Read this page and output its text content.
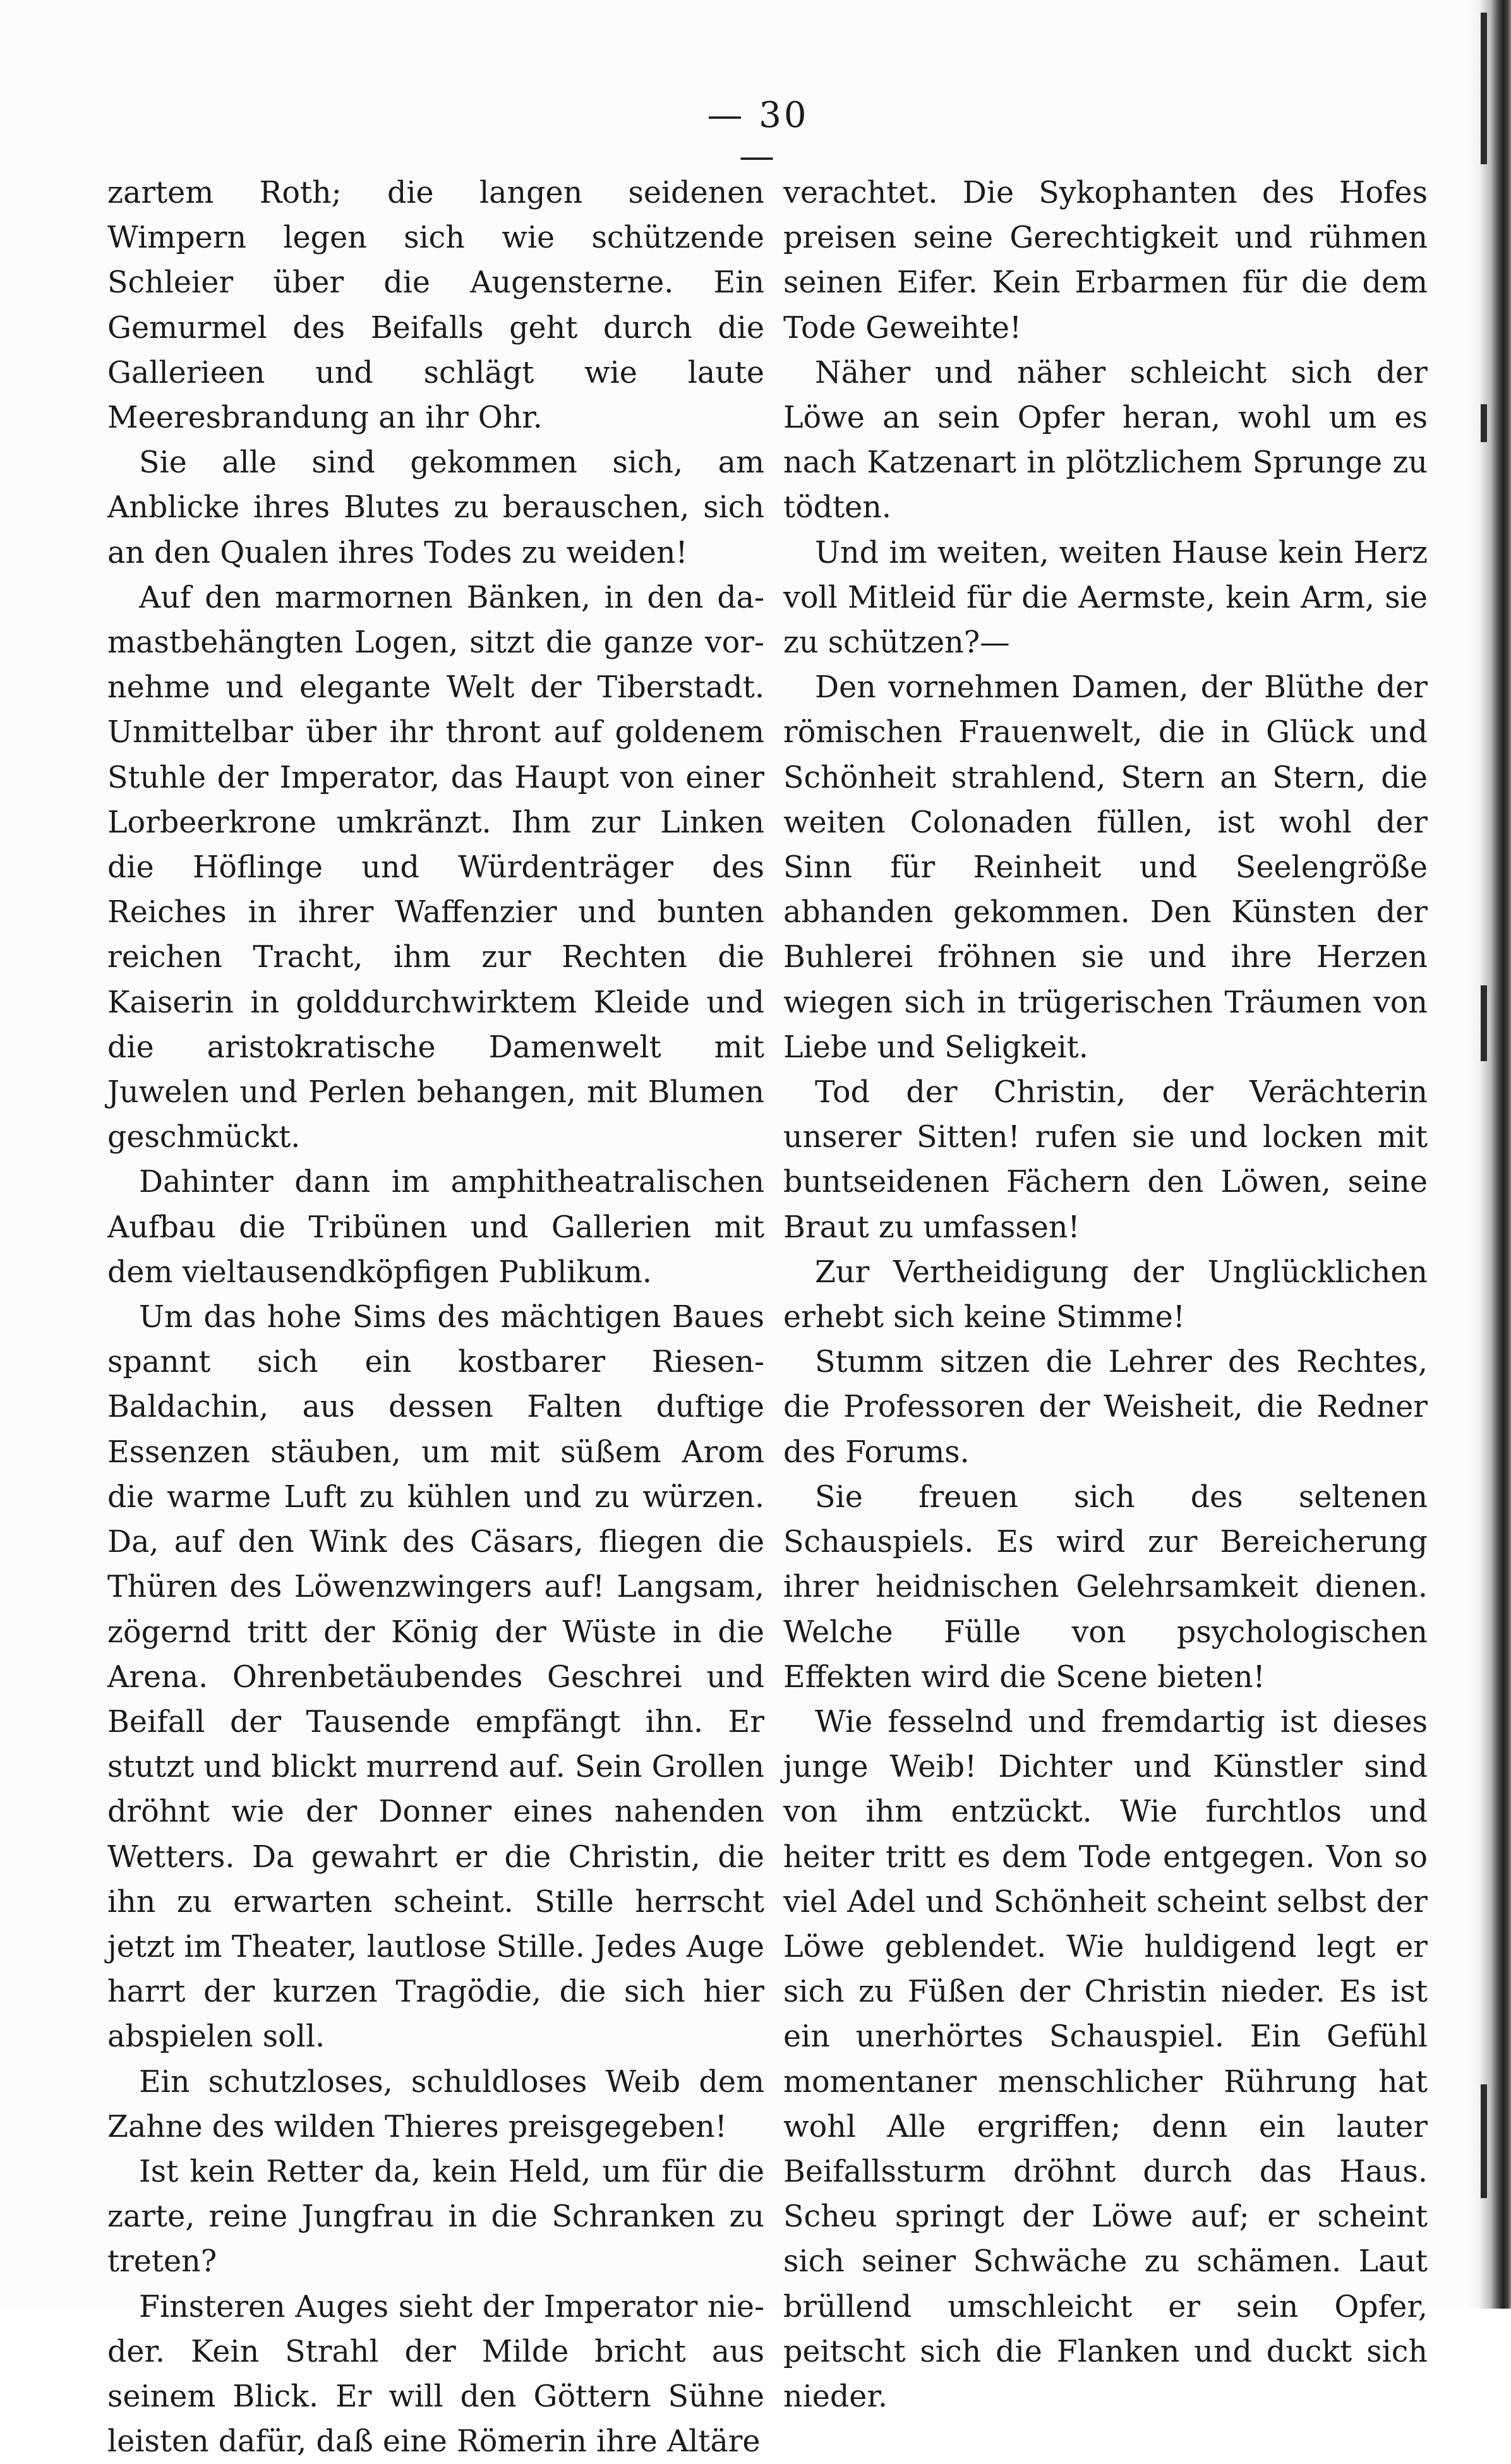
— 30 —

zartem Roth; die langen seidenen Wimpern legen sich wie schützende Schleier über die Augensterne. Ein Gemurmel des Beifalls geht durch die Gallerieen und schlägt wie laute Meeresbrandung an ihr Ohr.

Sie alle sind gekommen sich, am Anblicke ihres Blutes zu berauschen, sich an den Qualen ihres Todes zu weiden!

Auf den marmornen Bänken, in den damastbehängten Logen, sitzt die ganze vornehme und elegante Welt der Tiberstadt. Unmittelbar über ihr thront auf goldenem Stuhle der Imperator, das Haupt von einer Lorbeerkrone umkränzt. Ihm zur Linken die Höflinge und Würdenträger des Reiches in ihrer Waffenzier und bunten reichen Tracht, ihm zur Rechten die Kaiserin in golddurchwirktem Kleide und die aristokratische Damenwelt mit Juwelen und Perlen behangen, mit Blumen geschmückt.

Dahinter dann im amphitheatralischen Aufbau die Tribünen und Gallerien mit dem vieltausendköpfigen Publikum.

Um das hohe Sims des mächtigen Baues spannt sich ein kostbarer Riesen-Baldachin, aus dessen Falten duftige Essenzen stäuben, um mit süßem Arom die warme Luft zu kühlen und zu würzen. Da, auf den Wink des Cäsars, fliegen die Thüren des Löwenzwingers auf! Langsam, zögernd tritt der König der Wüste in die Arena. Ohrenbetäubendes Geschrei und Beifall der Tausende empfängt ihn. Er stutzt und blickt murrend auf. Sein Grollen dröhnt wie der Donner eines nahenden Wetters. Da gewahrt er die Christin, die ihn zu erwarten scheint. Stille herrscht jetzt im Theater, lautlose Stille. Jedes Auge harrt der kurzen Tragödie, die sich hier abspielen soll.

Ein schutzloses, schuldloses Weib dem Zahne des wilden Thieres preisgegeben!

Ist kein Retter da, kein Held, um für die zarte, reine Jungfrau in die Schranken zu treten?

Finsteren Auges sieht der Imperator nieder. Kein Strahl der Milde bricht aus seinem Blick. Er will den Göttern Sühne leisten dafür, daß eine Römerin ihre Altäre

verachtet. Die Sykophanten des Hofes preisen seine Gerechtigkeit und rühmen seinen Eifer. Kein Erbarmen für die dem Tode Geweihte!

Näher und näher schleicht sich der Löwe an sein Opfer heran, wohl um es nach Katzenart in plötzlichem Sprunge zu tödten.

Und im weiten, weiten Hause kein Herz voll Mitleid für die Aermste, kein Arm, sie zu schützen?—

Den vornehmen Damen, der Blüthe der römischen Frauenwelt, die in Glück und Schönheit strahlend, Stern an Stern, die weiten Colonaden füllen, ist wohl der Sinn für Reinheit und Seelengröße abhanden gekommen. Den Künsten der Buhlerei fröhnen sie und ihre Herzen wiegen sich in trügerischen Träumen von Liebe und Seligkeit.

Tod der Christin, der Verächterin unserer Sitten! rufen sie und locken mit buntseidenen Fächern den Löwen, seine Braut zu umfassen!

Zur Vertheidigung der Unglücklichen erhebt sich keine Stimme!

Stumm sitzen die Lehrer des Rechtes, die Professoren der Weisheit, die Redner des Forums.

Sie freuen sich des seltenen Schauspiels. Es wird zur Bereicherung ihrer heidnischen Gelehrsamkeit dienen. Welche Fülle von psychologischen Effekten wird die Scene bieten!

Wie fesselnd und fremdartig ist dieses junge Weib! Dichter und Künstler sind von ihm entzückt. Wie furchtlos und heiter tritt es dem Tode entgegen. Von so viel Adel und Schönheit scheint selbst der Löwe geblendet. Wie huldigend legt er sich zu Füßen der Christin nieder. Es ist ein unerhörtes Schauspiel. Ein Gefühl momentaner menschlicher Rührung hat wohl Alle ergriffen; denn ein lauter Beifallssturm dröhnt durch das Haus. Scheu springt der Löwe auf; er scheint sich seiner Schwäche zu schämen. Laut brüllend umschleicht er sein Opfer, peitscht sich die Flanken und duckt sich nieder.
